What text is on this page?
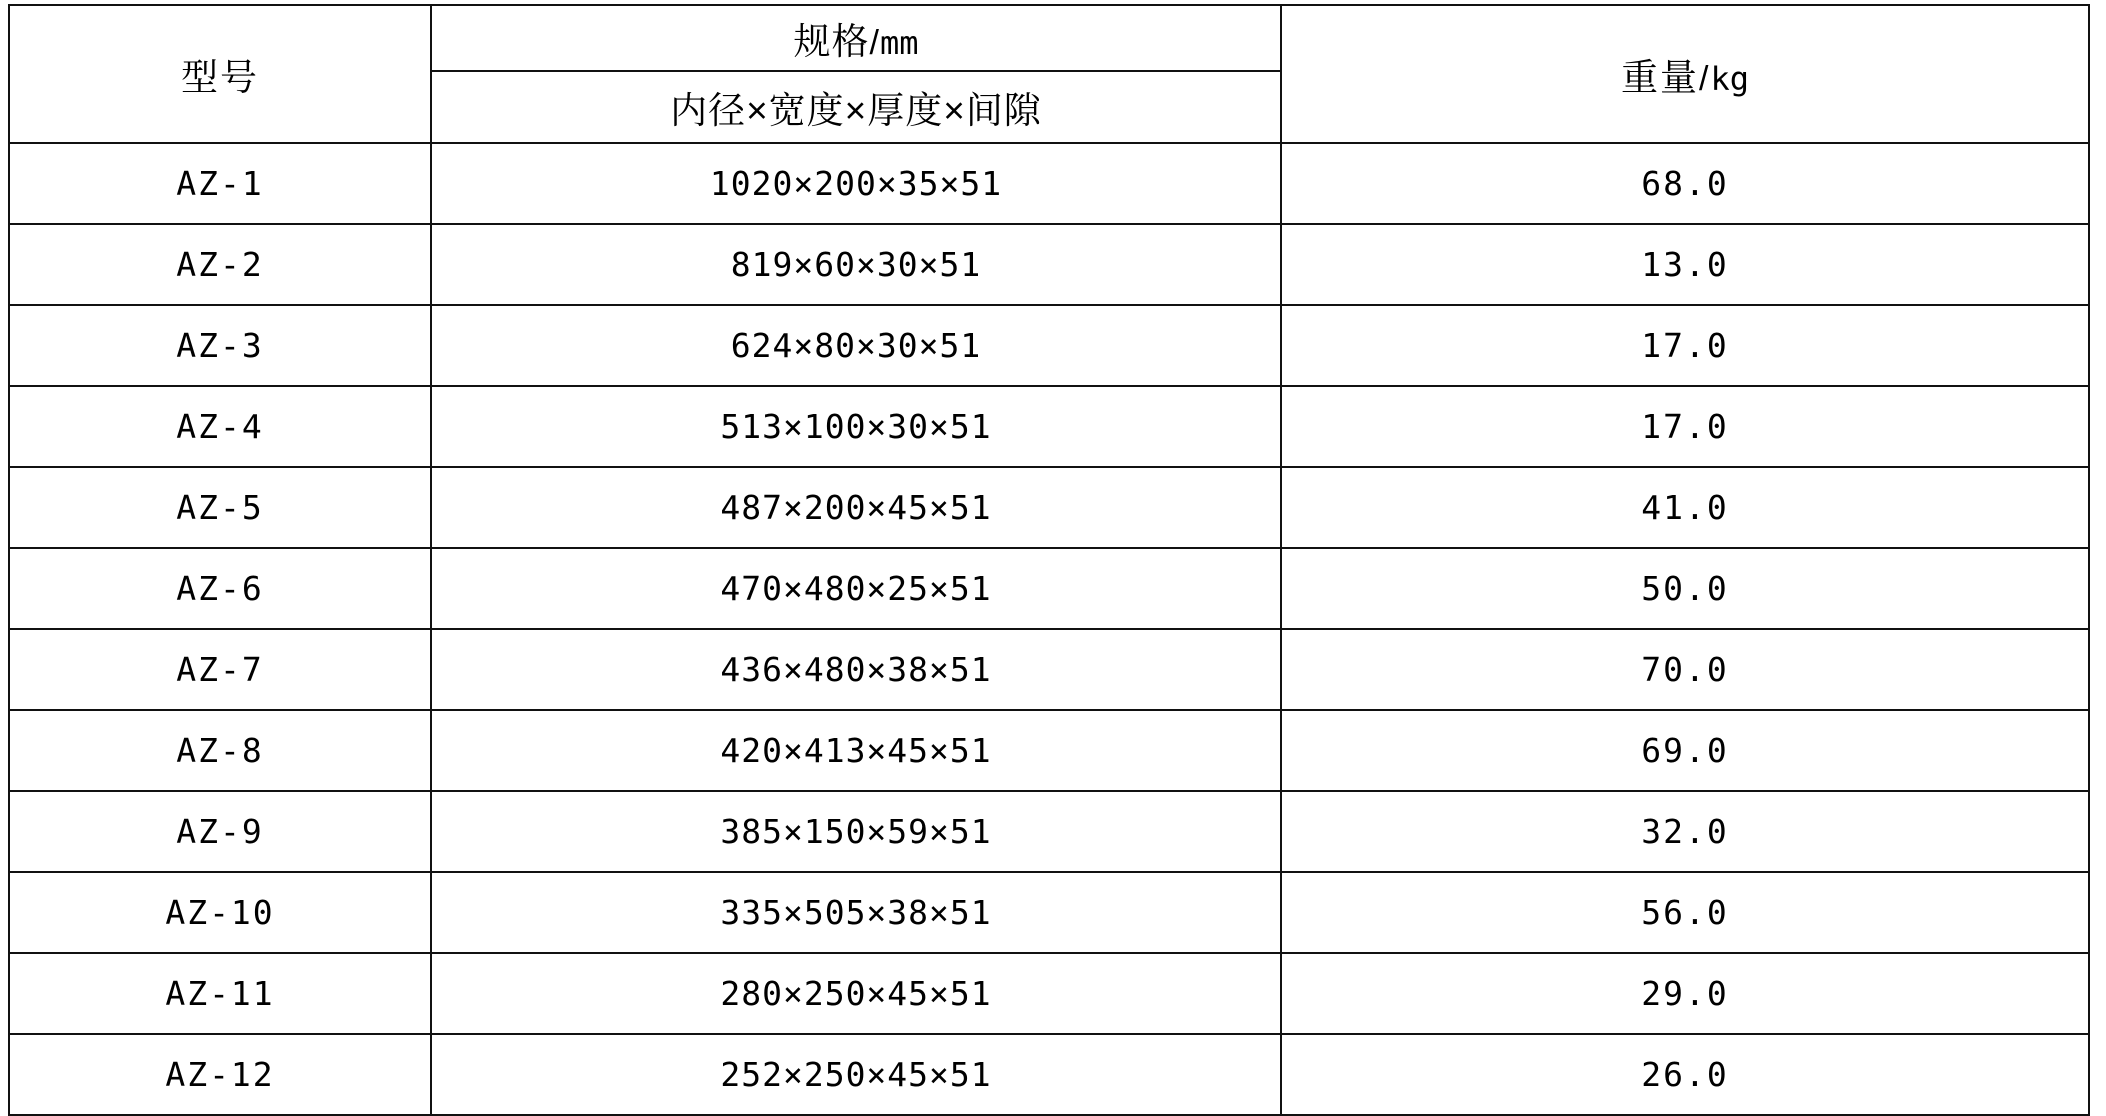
型号	规格/mm	重量/kg
	内径×宽度×厚度×间隙	
AZ-1	1020×200×35×51	68.0
AZ-2	819×60×30×51	13.0
AZ-3	624×80×30×51	17.0
AZ-4	513×100×30×51	17.0
AZ-5	487×200×45×51	41.0
AZ-6	470×480×25×51	50.0
AZ-7	436×480×38×51	70.0
AZ-8	420×413×45×51	69.0
AZ-9	385×150×59×51	32.0
AZ-10	335×505×38×51	56.0
AZ-11	280×250×45×51	29.0
AZ-12	252×250×45×51	26.0
